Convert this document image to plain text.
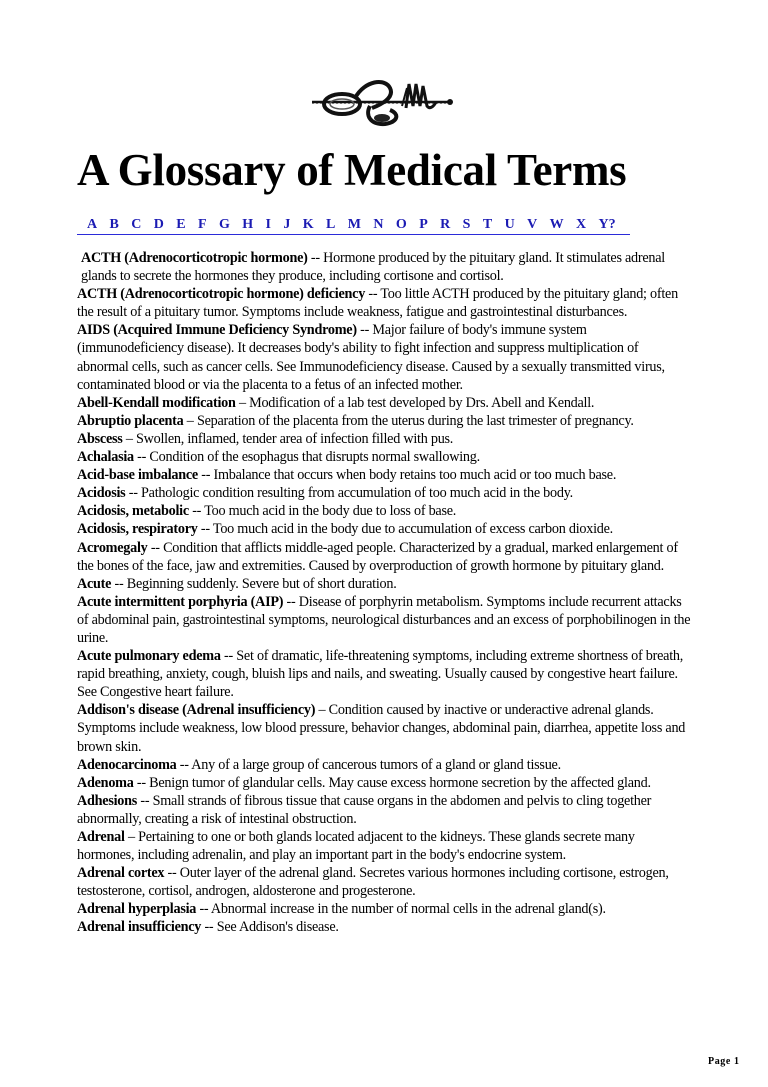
A Glossary of Medical Terms
A B C D E F G H I J K L M N O P R S T U V W X Y?

ACTH (Adrenocorticotropic hormone) -- Hormone produced by the pituitary gland. It stimulates adrenal glands to secrete the hormones they produce, including cortisone and cortisol.

ACTH (Adrenocorticotropic hormone) deficiency -- Too little ACTH produced by the pituitary gland; often the result of a pituitary tumor. Symptoms include weakness, fatigue and gastrointestinal disturbances.

AIDS (Acquired Immune Deficiency Syndrome) -- Major failure of body's immune system (immunodeficiency disease). It decreases body's ability to fight infection and suppress multiplication of abnormal cells, such as cancer cells. See Immunodeficiency disease. Caused by a sexually transmitted virus, contaminated blood or via the placenta to a fetus of an infected mother.

Abell-Kendall modification – Modification of a lab test developed by Drs. Abell and Kendall.

Abruptio placenta – Separation of the placenta from the uterus during the last trimester of pregnancy.

Abscess – Swollen, inflamed, tender area of infection filled with pus.

Achalasia -- Condition of the esophagus that disrupts normal swallowing.

Acid-base imbalance -- Imbalance that occurs when body retains too much acid or too much base.

Acidosis -- Pathologic condition resulting from accumulation of too much acid in the body.

Acidosis, metabolic -- Too much acid in the body due to loss of base.

Acidosis, respiratory -- Too much acid in the body due to accumulation of excess carbon dioxide.

Acromegaly -- Condition that afflicts middle-aged people. Characterized by a gradual, marked enlargement of the bones of the face, jaw and extremities. Caused by overproduction of growth hormone by pituitary gland.

Acute -- Beginning suddenly. Severe but of short duration.

Acute intermittent porphyria (AIP) -- Disease of porphyrin metabolism. Symptoms include recurrent attacks of abdominal pain, gastrointestinal symptoms, neurological disturbances and an excess of porphobilinogen in the urine.

Acute pulmonary edema -- Set of dramatic, life-threatening symptoms, including extreme shortness of breath, rapid breathing, anxiety, cough, bluish lips and nails, and sweating. Usually caused by congestive heart failure. See Congestive heart failure.

Addison's disease (Adrenal insufficiency) – Condition caused by inactive or underactive adrenal glands. Symptoms include weakness, low blood pressure, behavior changes, abdominal pain, diarrhea, appetite loss and brown skin.

Adenocarcinoma -- Any of a large group of cancerous tumors of a gland or gland tissue.

Adenoma -- Benign tumor of glandular cells. May cause excess hormone secretion by the affected gland.

Adhesions -- Small strands of fibrous tissue that cause organs in the abdomen and pelvis to cling together abnormally, creating a risk of intestinal obstruction.

Adrenal – Pertaining to one or both glands located adjacent to the kidneys. These glands secrete many hormones, including adrenalin, and play an important part in the body's endocrine system.

Adrenal cortex -- Outer layer of the adrenal gland. Secretes various hormones including cortisone, estrogen, testosterone, cortisol, androgen, aldosterone and progesterone.

Adrenal hyperplasia -- Abnormal increase in the number of normal cells in the adrenal gland(s).

Adrenal insufficiency -- See Addison's disease.

Page 1
